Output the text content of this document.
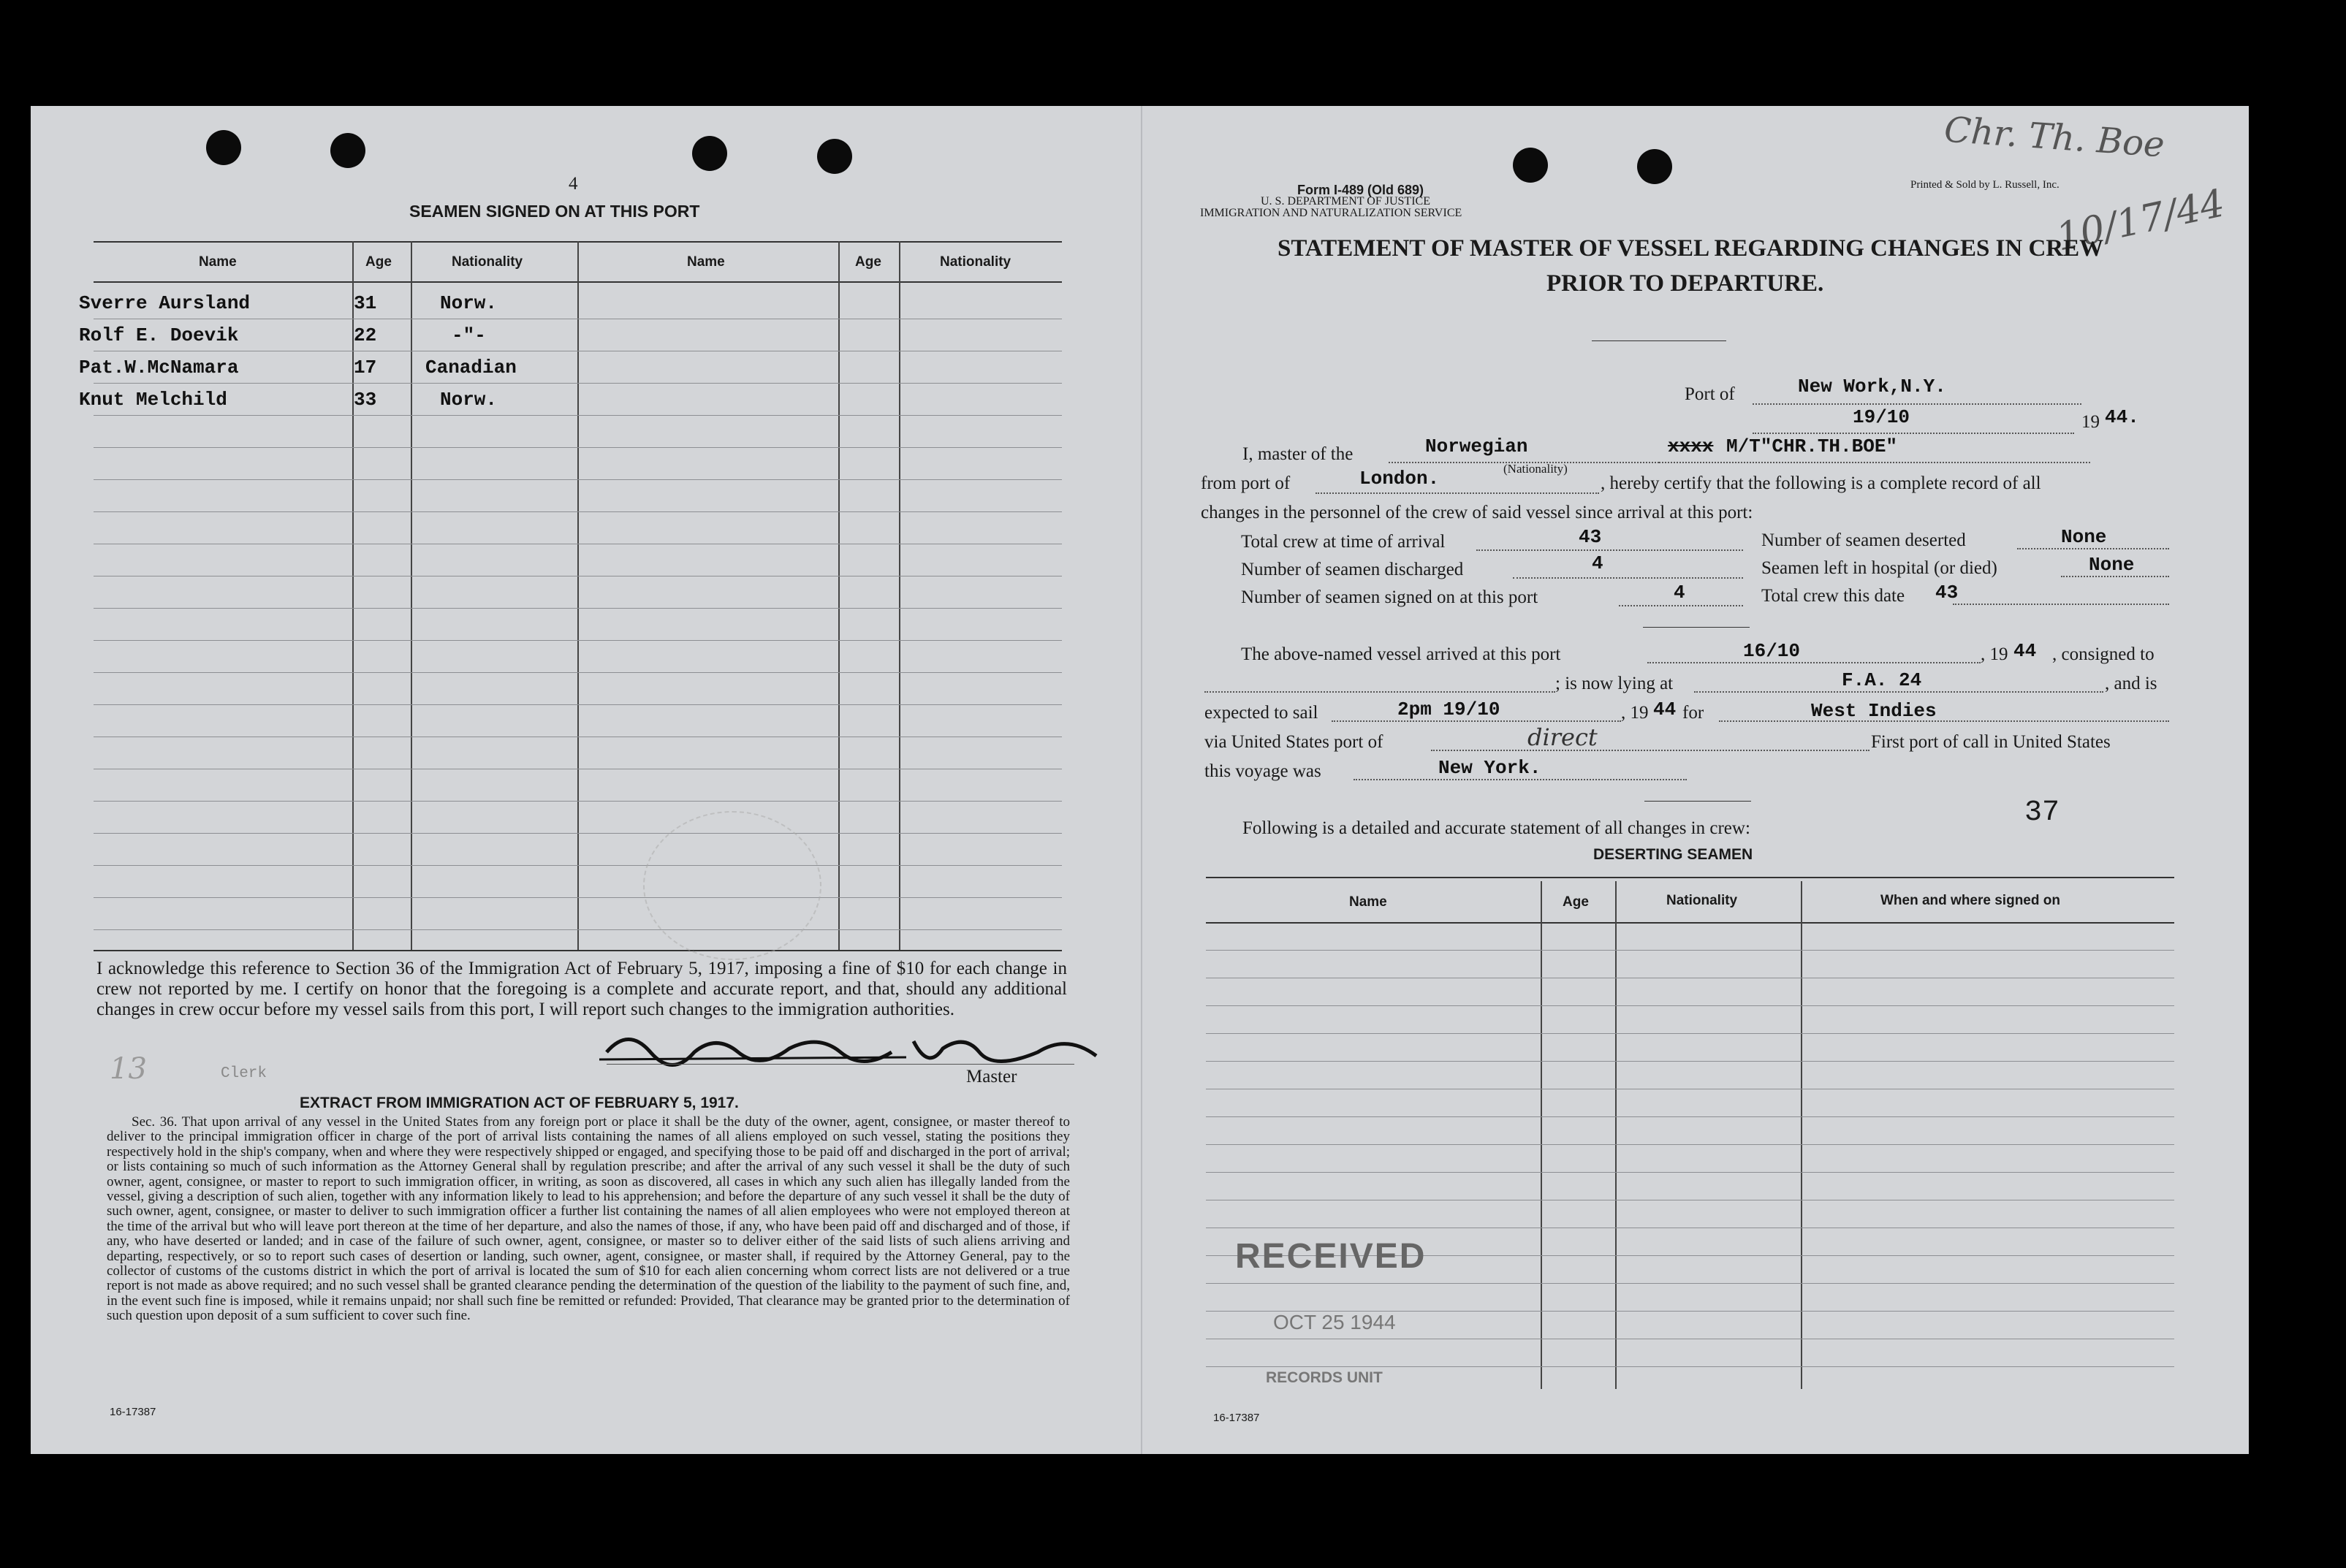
4
SEAMEN SIGNED ON AT THIS PORT
Name	Age	Nationality	Name	Age	Nationality
Sverre Aursland	31	Norw.
Rolf E. Doevik	22	-"-
Pat.W.McNamara	17	Canadian
Knut Melchild	33	Norw.
I acknowledge this reference to Section 36 of the Immigration Act of February 5, 1917, imposing a fine of $10 for each change in crew not reported by me. I certify on honor that the foregoing is a complete and accurate report, and that, should any additional changes in crew occur before my vessel sails from this port, I will report such changes to the immigration authorities.
Master
13	Clerk
EXTRACT FROM IMMIGRATION ACT OF FEBRUARY 5, 1917.
Sec. 36. That upon arrival of any vessel in the United States from any foreign port or place it shall be the duty of the owner, agent, consignee, or master thereof to deliver to the principal immigration officer in charge of the port of arrival lists containing the names of all aliens employed on such vessel, stating the positions they respectively hold in the ship's company, when and where they were respectively shipped or engaged, and specifying those to be paid off and discharged in the port of arrival; or lists containing so much of such information as the Attorney General shall by regulation prescribe; and after the arrival of any such vessel it shall be the duty of such owner, agent, consignee, or master to report to such immigration officer, in writing, as soon as discovered, all cases in which any such alien has illegally landed from the vessel, giving a description of such alien, together with any information likely to lead to his apprehension; and before the departure of any such vessel it shall be the duty of such owner, agent, consignee, or master to deliver to such immigration officer a further list containing the names of all alien employees who were not employed thereon at the time of the arrival but who will leave port thereon at the time of her departure, and also the names of those, if any, who have been paid off and discharged and of those, if any, who have deserted or landed; and in case of the failure of such owner, agent, consignee, or master so to deliver either of the said lists of such aliens arriving and departing, respectively, or so to report such cases of desertion or landing, such owner, agent, consignee, or master shall, if required by the Attorney General, pay to the collector of customs of the customs district in which the port of arrival is located the sum of $10 for each alien concerning whom correct lists are not delivered or a true report is not made as above required; and no such vessel shall be granted clearance pending the determination of the question of the liability to the payment of such fine, and, in the event such fine is imposed, while it remains unpaid; nor shall such fine be remitted or refunded: Provided, That clearance may be granted prior to the determination of such question upon deposit of a sum sufficient to cover such fine.
16-17387
Form I-489 (Old 689)
U. S. DEPARTMENT OF JUSTICE
IMMIGRATION AND NATURALIZATION SERVICE
Printed & Sold by L. Russell, Inc.
Chr. Th. Boe
10/17/44
STATEMENT OF MASTER OF VESSEL REGARDING CHANGES IN CREW
PRIOR TO DEPARTURE.
Port of	New Work,N.Y.
19/10	19 44.
I, master of the	Norwegian	xxxx M/T"CHR.TH.BOE"
(Nationality)
from port of	London.	, hereby certify that the following is a complete record of all
changes in the personnel of the crew of said vessel since arrival at this port:
Total crew at time of arrival	43	Number of seamen deserted	None
Number of seamen discharged	4	Seamen left in hospital (or died)	None
Number of seamen signed on at this port	4	Total crew this date 43
The above-named vessel arrived at this port	16/10	, 19 44 , consigned to
; is now lying at	F.A. 24	, and is
expected to sail	2pm 19/10	, 19 44 for	West Indies
via United States port of	direct	First port of call in United States
this voyage was	New York.
37
Following is a detailed and accurate statement of all changes in crew:
DESERTING SEAMEN
Name	Age	Nationality	When and where signed on
RECEIVED
OCT 25 1944
RECORDS UNIT
16-17387
